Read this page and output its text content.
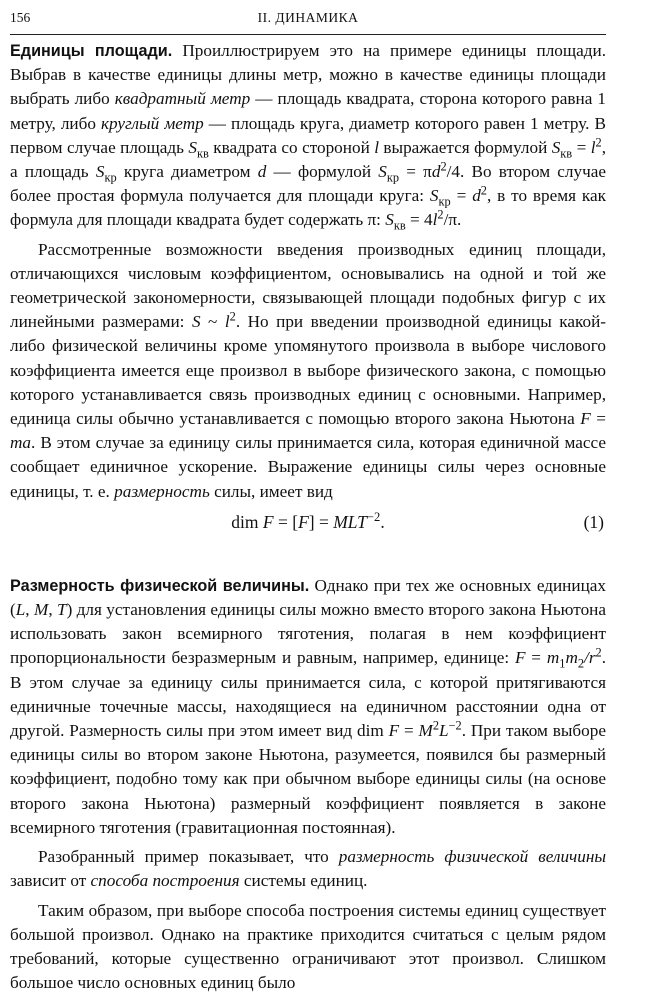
156	II. ДИНАМИКА

Единицы площади. Проиллюстрируем это на примере единицы площади. Выбрав в качестве единицы длины метр, можно в качестве единицы площади выбрать либо квадратный метр — площадь квадрата, сторона которого равна 1 метру, либо круглый метр — площадь круга, диаметр которого равен 1 метру. В первом случае площадь $S_{кв}$ квадрата со стороной l выражается формулой $S_{кв} = l^2$, а площадь $S_{кр}$ круга диаметром d — формулой $S_{кр} = \pi d^2/4$. Во втором случае более простая формула получается для площади круга: $S_{кр} = d^2$, в то время как формула для площади квадрата будет содержать π: $S_{кв} = 4l^2/\pi$.

Рассмотренные возможности введения производных единиц площади, отличающихся числовым коэффициентом, основывались на одной и той же геометрической закономерности, связывающей площади подобных фигур с их линейными размерами: S ~ $l^2$. Но при введении производной единицы какой-либо физической величины кроме упомянутого произвола в выборе числового коэффициента имеется еще произвол в выборе физического закона, с помощью которого устанавливается связь производных единиц с основными. Например, единица силы обычно устанавливается с помощью второго закона Ньютона F = ma. В этом случае за единицу силы принимается сила, которая единичной массе сообщает единичное ускорение. Выражение единицы силы через основные единицы, т. е. размерность силы, имеет вид

dim $F = [F] = MLT^{-2}$.	(1)

Размерность физической величины. Однако при тех же основных единицах (L, M, T) для установления единицы силы можно вместо второго закона Ньютона использовать закон всемирного тяготения, полагая в нем коэффициент пропорциональности безразмерным и равным, например, единице: $F = m_1m_2/r^2$. В этом случае за единицу силы принимается сила, с которой притягиваются единичные точечные массы, находящиеся на единичном расстоянии одна от другой. Размерность силы при этом имеет вид dim $F = M^2L^{-2}$. При таком выборе единицы силы во втором законе Ньютона, разумеется, появился бы размерный коэффициент, подобно тому как при обычном выборе единицы силы (на основе второго закона Ньютона) размерный коэффициент появляется в законе всемирного тяготения (гравитационная постоянная).

Разобранный пример показывает, что размерность физической величины зависит от способа построения системы единиц.

Таким образом, при выборе способа построения системы единиц существует большой произвол. Однако на практике приходится считаться с целым рядом требований, которые существенно ограничивают этот произвол. Слишком большое число основных единиц было
